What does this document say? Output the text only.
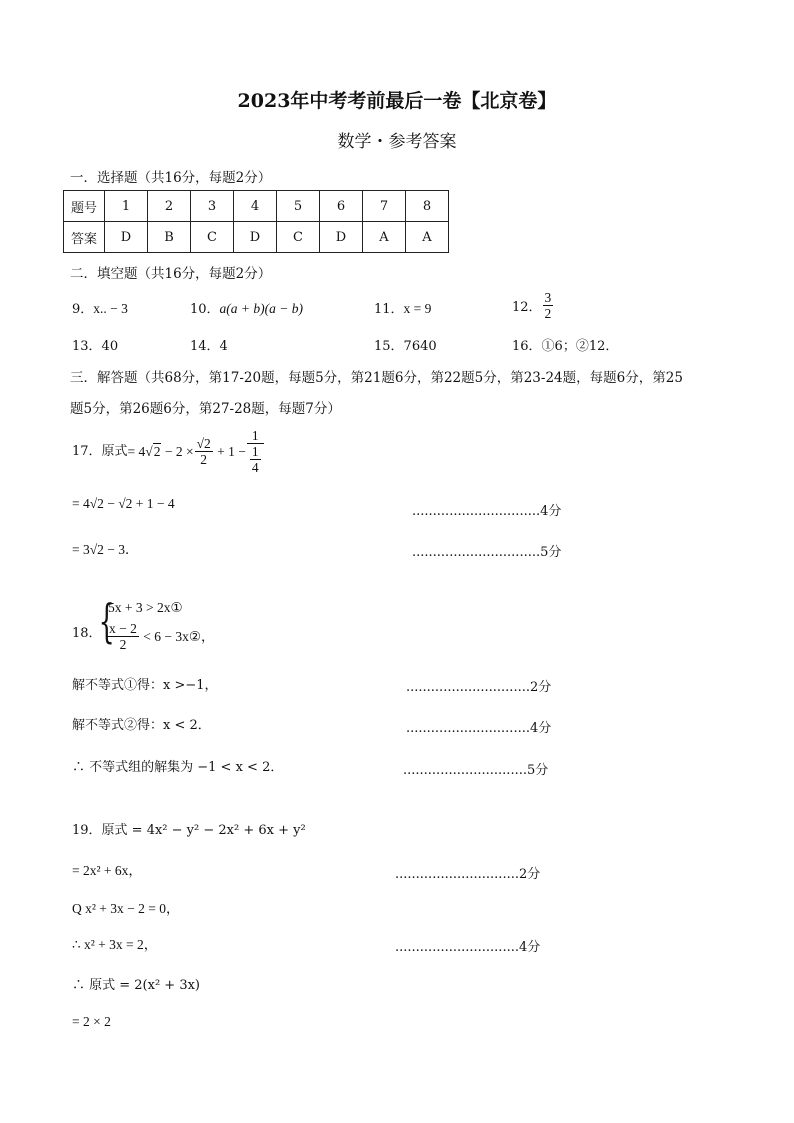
2023年中考考前最后一卷【北京卷】
数学・参考答案
一．选择题（共16分，每题2分）
题号	1	2	3	4	5	6	7	8
答案	D	B	C	D	C	D	A	A
二．填空题（共16分，每题2分）
9．x.. − 3	10．a(a + b)(a − b)	11．x = 9	12． $\frac{3}{2}$
13．40	14．4	15．7640	16．①6；②12．
三．解答题（共68分，第17-20题，每题5分，第21题6分，第22题5分，第23-24题，每题6分，第25
题5分，第26题6分，第27-28题，每题7分）
17．原式= $4√2 - 2 \times \frac{√2}{2} + 1 - \frac{1}{\frac{1}{4}}$
= 4√2 − √2 + 1 − 4
...............................4分
= 3√2 − 3．	...............................5分
18．
{
5x + 3 > 2x①
$\frac{x - 2}{2} < 6$ − 3x②，
解不等式①得：x >−1，	..............................2分
解不等式②得：x < 2．	..............................4分
∴ 不等式组的解集为 −1 < x < 2．	..............................5分
19．原式 = 4x² − y² − 2x² + 6x + y²
= 2x² + 6x，	..............................2分
Q x² + 3x − 2 = 0，
∴ x² + 3x = 2，	..............................4分
∴ 原式 = 2(x² + 3x)
= 2 × 2
